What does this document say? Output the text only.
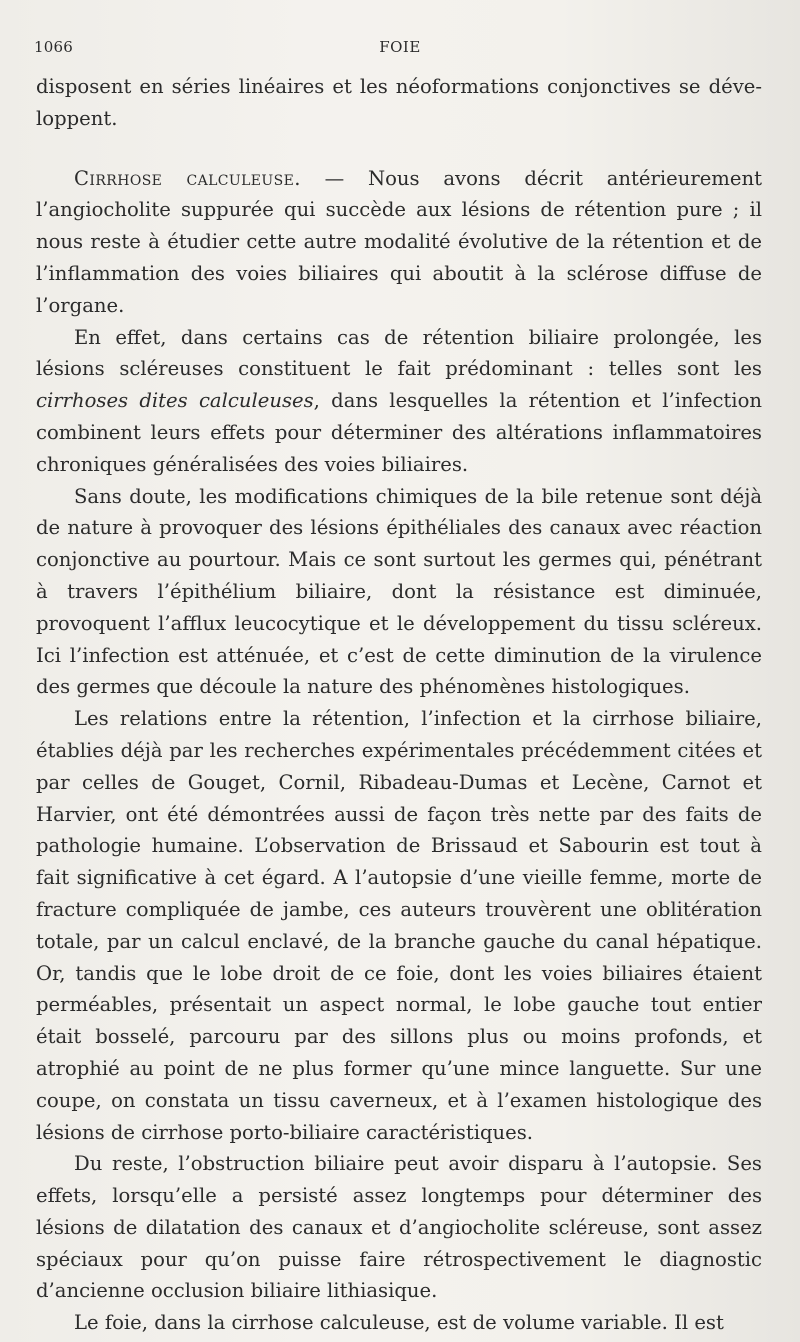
1066	FOIE

disposent en séries linéaires et les néoformations conjonctives se déve-loppent.

Cirrhose calculeuse. — Nous avons décrit antérieurement l’angiocholite suppurée qui succède aux lésions de rétention pure ; il nous reste à étudier cette autre modalité évolutive de la rétention et de l’inflammation des voies biliaires qui aboutit à la sclérose diffuse de l’organe.

En effet, dans certains cas de rétention biliaire prolongée, les lésions scléreuses constituent le fait prédominant : telles sont les cirrhoses dites calculeuses, dans lesquelles la rétention et l’infection combinent leurs effets pour déterminer des altérations inflammatoires chroniques généralisées des voies biliaires.

Sans doute, les modifications chimiques de la bile retenue sont déjà de nature à provoquer des lésions épithéliales des canaux avec réaction conjonctive au pourtour. Mais ce sont surtout les germes qui, pénétrant à travers l’épithélium biliaire, dont la résistance est diminuée, provoquent l’afflux leucocytique et le développement du tissu scléreux. Ici l’infection est atténuée, et c’est de cette diminution de la virulence des germes que découle la nature des phénomènes histologiques.

Les relations entre la rétention, l’infection et la cirrhose biliaire, établies déjà par les recherches expérimentales précédemment citées et par celles de Gouget, Cornil, Ribadeau-Dumas et Lecène, Carnot et Harvier, ont été démontrées aussi de façon très nette par des faits de pathologie humaine. L’observation de Brissaud et Sabourin est tout à fait significative à cet égard. A l’autopsie d’une vieille femme, morte de fracture compliquée de jambe, ces auteurs trouvèrent une oblitération totale, par un calcul enclavé, de la branche gauche du canal hépatique. Or, tandis que le lobe droit de ce foie, dont les voies biliaires étaient perméables, présentait un aspect normal, le lobe gauche tout entier était bosselé, parcouru par des sillons plus ou moins profonds, et atrophié au point de ne plus former qu’une mince languette. Sur une coupe, on constata un tissu caverneux, et à l’examen histologique des lésions de cirrhose porto-biliaire caractéristiques.

Du reste, l’obstruction biliaire peut avoir disparu à l’autopsie. Ses effets, lorsqu’elle a persisté assez longtemps pour déterminer des lésions de dilatation des canaux et d’angiocholite scléreuse, sont assez spéciaux pour qu’on puisse faire rétrospectivement le diagnostic d’ancienne occlusion biliaire lithiasique.

Le foie, dans la cirrhose calculeuse, est de volume variable. Il est
